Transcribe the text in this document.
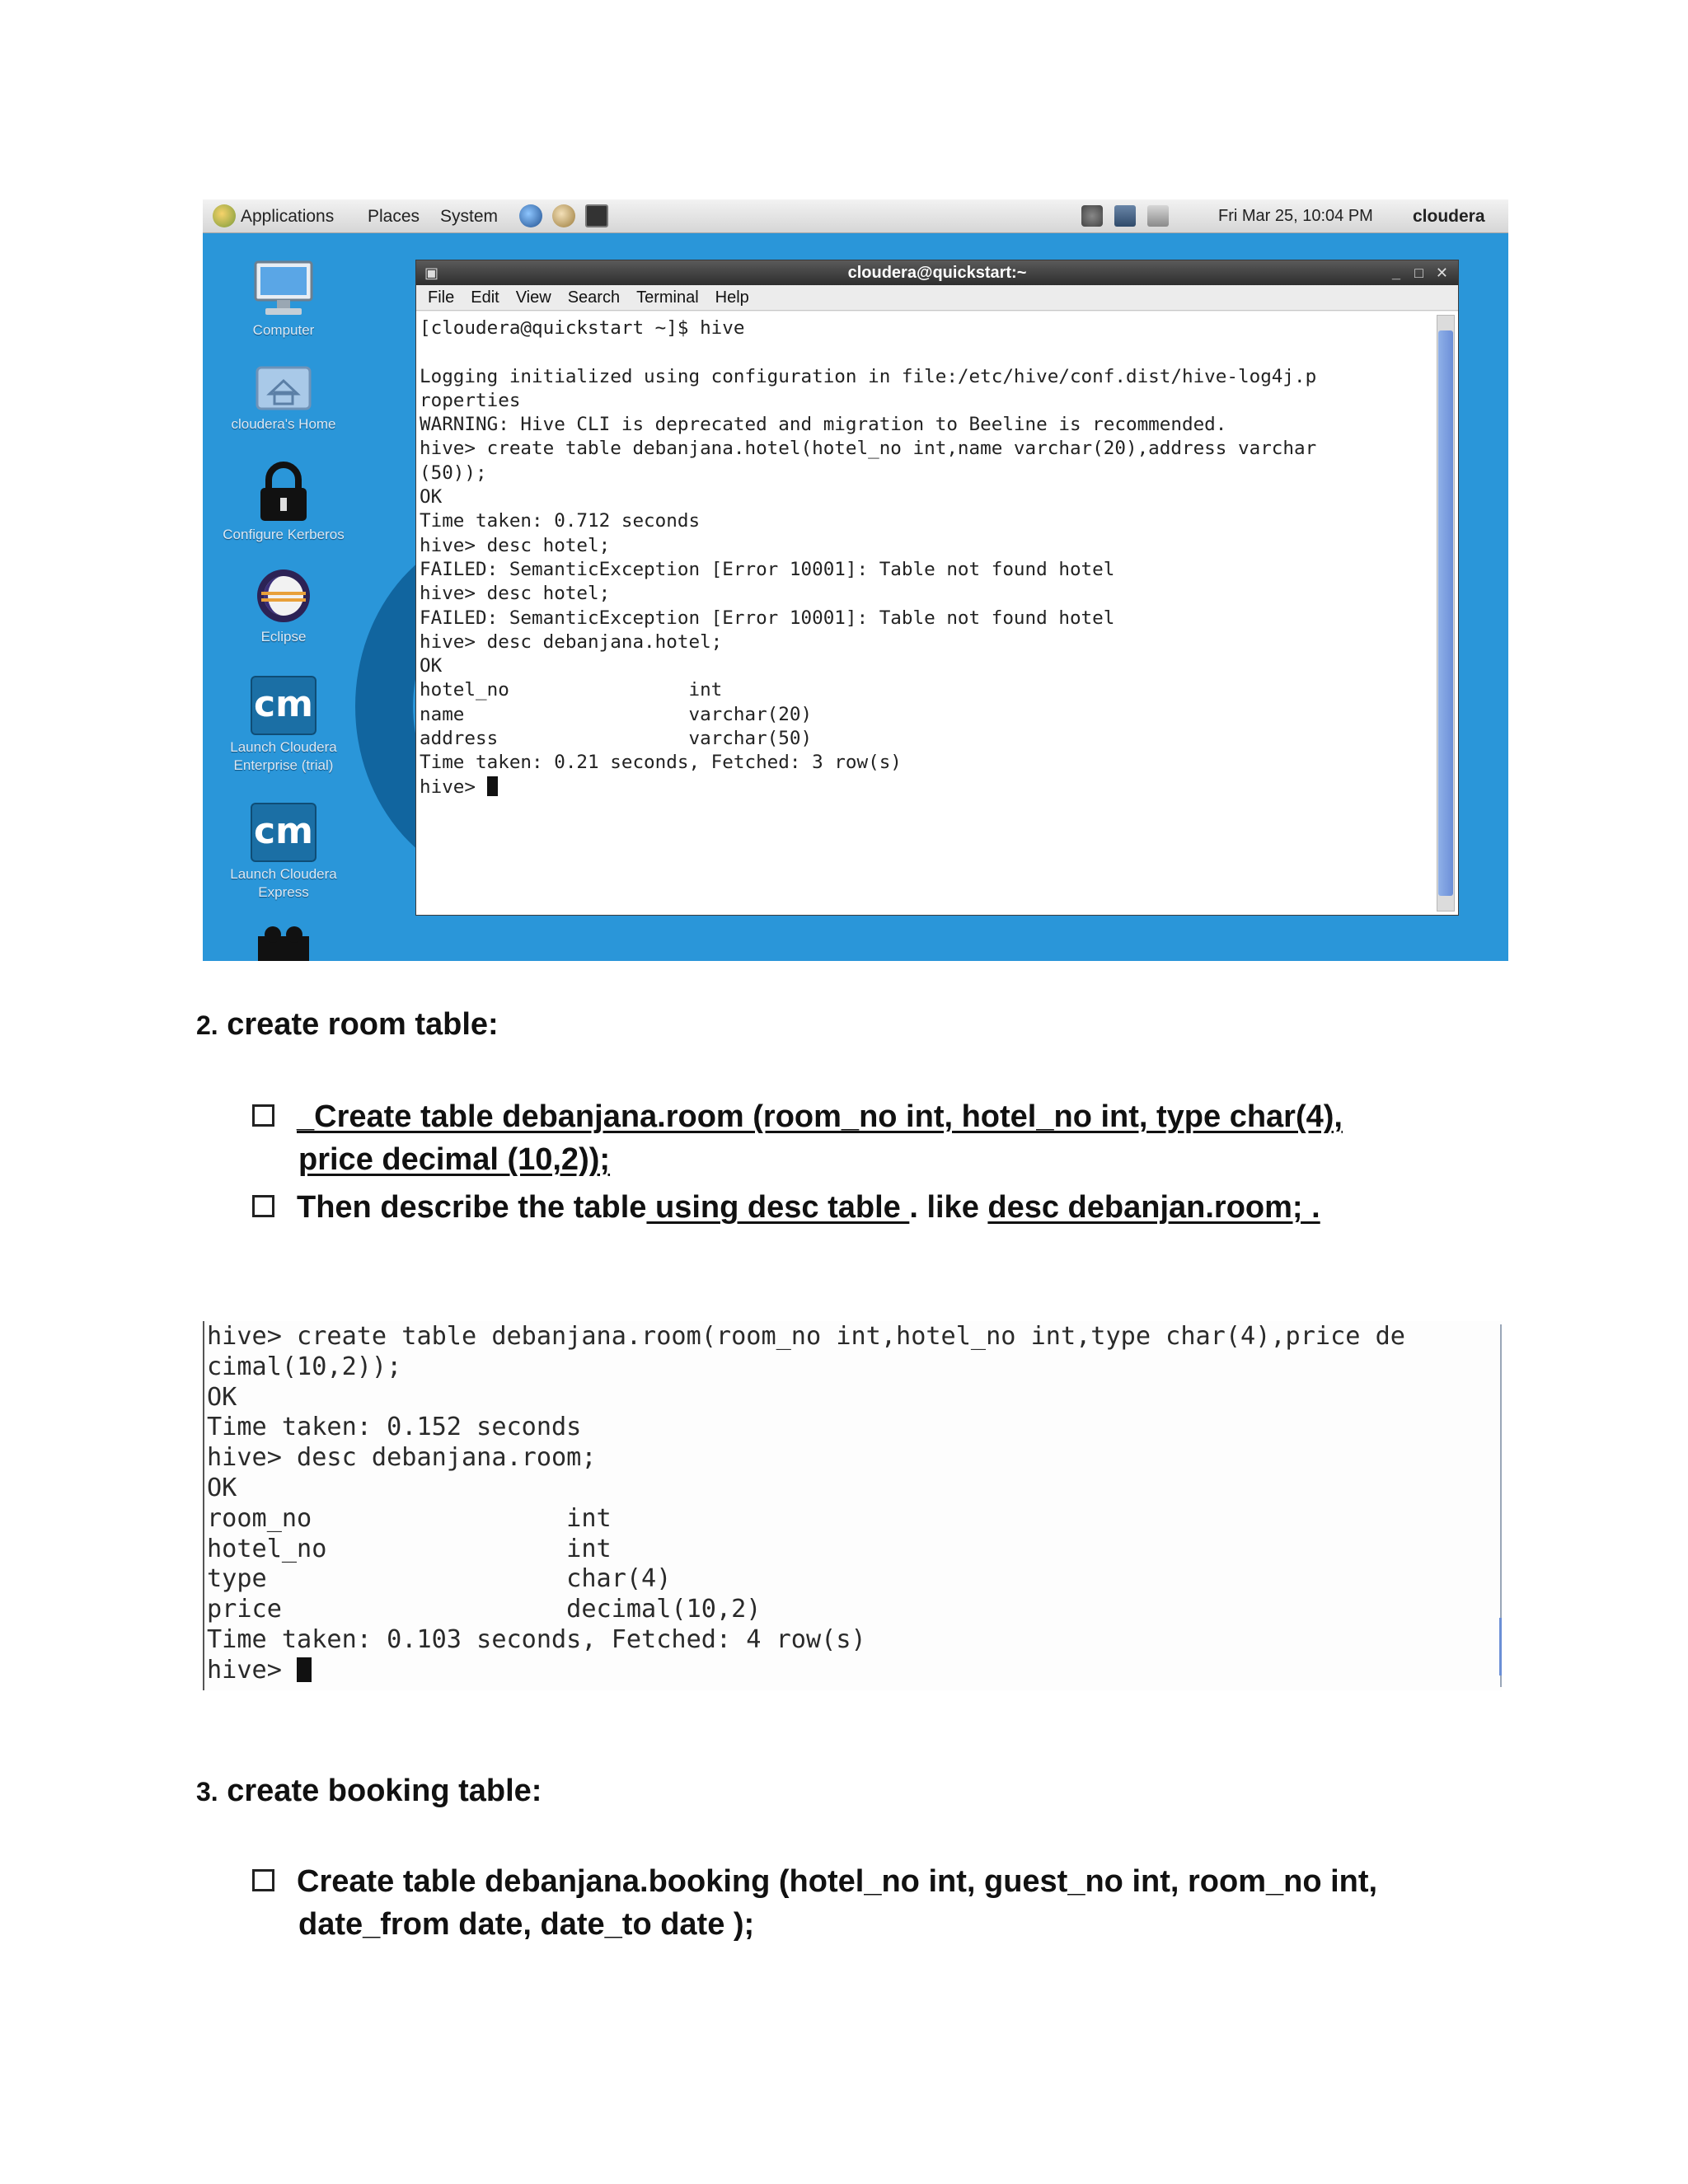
Applications Places System	Fri Mar 25, 10:04 PM cloudera
Computer
cloudera's Home
Configure Kerberos
Eclipse
cm
Launch Cloudera Enterprise (trial)
cm
Launch Cloudera Express
▣	cloudera@quickstart:~	_ □ ✕
File Edit View Search Terminal Help
[cloudera@quickstart ~]$ hive

Logging initialized using configuration in file:/etc/hive/conf.dist/hive-log4j.p
roperties
WARNING: Hive CLI is deprecated and migration to Beeline is recommended.
hive> create table debanjana.hotel(hotel_no int,name varchar(20),address varchar
(50));
OK
Time taken: 0.712 seconds
hive> desc hotel;
FAILED: SemanticException [Error 10001]: Table not found hotel
hive> desc hotel;
FAILED: SemanticException [Error 10001]: Table not found hotel
hive> desc debanjana.hotel;
OK
hotel_no                int
name                    varchar(20)
address                 varchar(50)
Time taken: 0.21 seconds, Fetched: 3 row(s)
hive>
2. create room table:
_Create table debanjana.room (room_no int, hotel_no int, type char(4),
price decimal (10,2));
Then describe the table using desc table . like desc debanjan.room; .
hive> create table debanjana.room(room_no int,hotel_no int,type char(4),price de
cimal(10,2));
OK
Time taken: 0.152 seconds
hive> desc debanjana.room;
OK
room_no                 int
hotel_no                int
type                    char(4)
price                   decimal(10,2)
Time taken: 0.103 seconds, Fetched: 4 row(s)
hive>
3. create booking table:
Create table debanjana.booking (hotel_no int, guest_no int, room_no int,
date_from date, date_to date );
